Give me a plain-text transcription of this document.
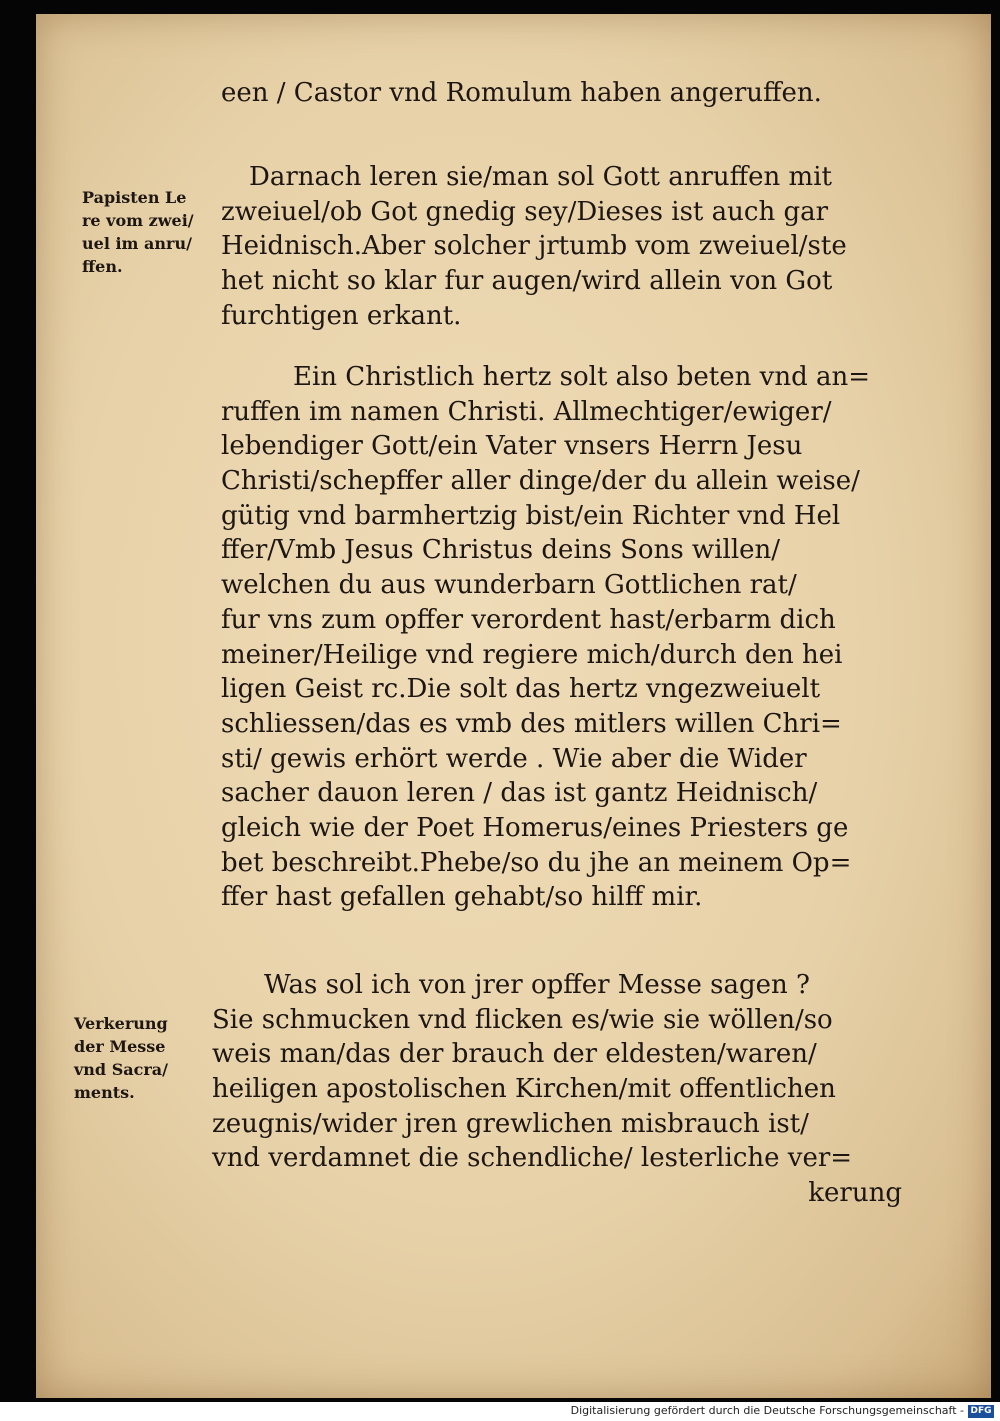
een / Castor vnd Romulum haben angeruffen.
Darnach leren sie/man sol Gott anruffen mit
zweiuel/ob Got gnedig sey/Dieses ist auch gar
Heidnisch.Aber solcher jrtumb vom zweiuel/ste
het nicht so klar fur augen/wird allein von Got
furchtigen erkant.
Ein Christlich hertz solt also beten vnd an=
ruffen im namen Christi. Allmechtiger/ewiger/
lebendiger Gott/ein Vater vnsers Herrn Jesu
Christi/schepffer aller dinge/der du allein weise/
gütig vnd barmhertzig bist/ein Richter vnd Hel
ffer/Vmb Jesus Christus deins Sons willen/
welchen du aus wunderbarn Gottlichen rat/
fur vns zum opffer verordent hast/erbarm dich
meiner/Heilige vnd regiere mich/durch den hei
ligen Geist rc.Die solt das hertz vngezweiuelt
schliessen/das es vmb des mitlers willen Chri=
sti/ gewis erhört werde . Wie aber die Wider
sacher dauon leren / das ist gantz Heidnisch/
gleich wie der Poet Homerus/eines Priesters ge
bet beschreibt.Phebe/so du jhe an meinem Op=
ffer hast gefallen gehabt/so hilff mir.
Was sol ich von jrer opffer Messe sagen ?
Sie schmucken vnd flicken es/wie sie wöllen/so
weis man/das der brauch der eldesten/waren/
heiligen apostolischen Kirchen/mit offentlichen
zeugnis/wider jren grewlichen misbrauch ist/
vnd verdamnet die schendliche/ lesterliche ver=
kerung
Papisten Le
re vom zwei/
uel im anru/
ffen.
Verkerung
der Messe
vnd Sacra/
ments.
Digitalisierung gefördert durch die Deutsche Forschungsgemeinschaft - DFG
